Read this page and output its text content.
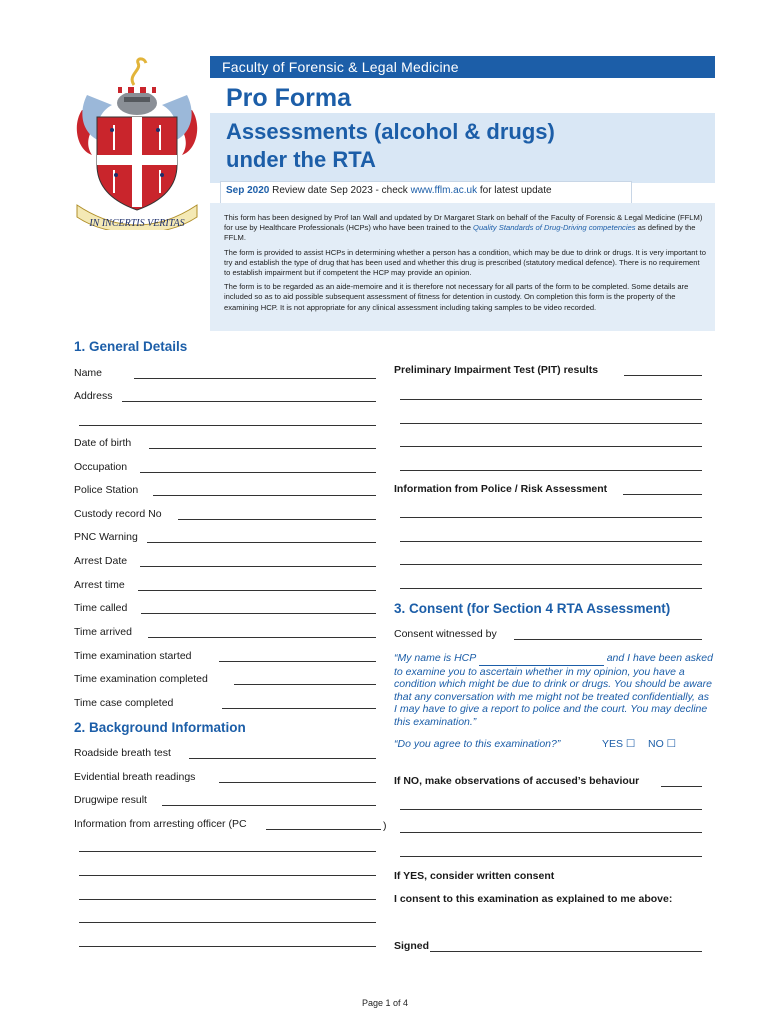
Faculty of Forensic & Legal Medicine
Pro Forma
Assessments (alcohol & drugs)
under the RTA
Sep 2020 Review date Sep 2023 - check www.fflm.ac.uk for latest update

This form has been designed by Prof Ian Wall and updated by Dr Margaret Stark on behalf of the Faculty of Forensic & Legal Medicine (FFLM) for use by Healthcare Professionals (HCPs) who have been trained to the Quality Standards of Drug-Driving competencies as defined by the FFLM.

The form is provided to assist HCPs in determining whether a person has a condition, which may be due to drink or drugs. It is very important to try and establish the type of drug that has been used and whether this drug is prescribed (statutory medical defence). There is no requirement to establish impairment but if competent the HCP may provide an opinion.

The form is to be regarded as an aide-memoire and it is therefore not necessary for all parts of the form to be completed. Some details are included so as to aid possible subsequent assessment of fitness for detention in custody. On completion this form is the property of the examining HCP. It is not appropriate for any clinical assessment including taking samples to be video recorded.

IN INCERTIS VERITAS
1. General Details
Name
Address
Date of birth
Occupation
Police Station
Custody record No
PNC Warning
Arrest Date
Arrest time
Time called
Time arrived
Time examination started
Time examination completed
Time case completed
2. Background Information
Roadside breath test
Evidential breath readings
Drugwipe result
Information from arresting officer (PC	)
Preliminary Impairment Test (PIT) results
Information from Police / Risk Assessment
3. Consent (for Section 4 RTA Assessment)
Consent witnessed by
“My name is HCP	and I have been asked to examine you to ascertain whether in my opinion, you have a condition which might be due to drink or drugs. You should be aware that any conversation with me might not be treated confidentially, as I may have to give a report to police and the court. You may decline this examination.”
“Do you agree to this examination?”	YES ☐ NO ☐
If NO, make observations of accused’s behaviour
If YES, consider written consent
I consent to this examination as explained to me above:
Signed
Page 1 of 4
